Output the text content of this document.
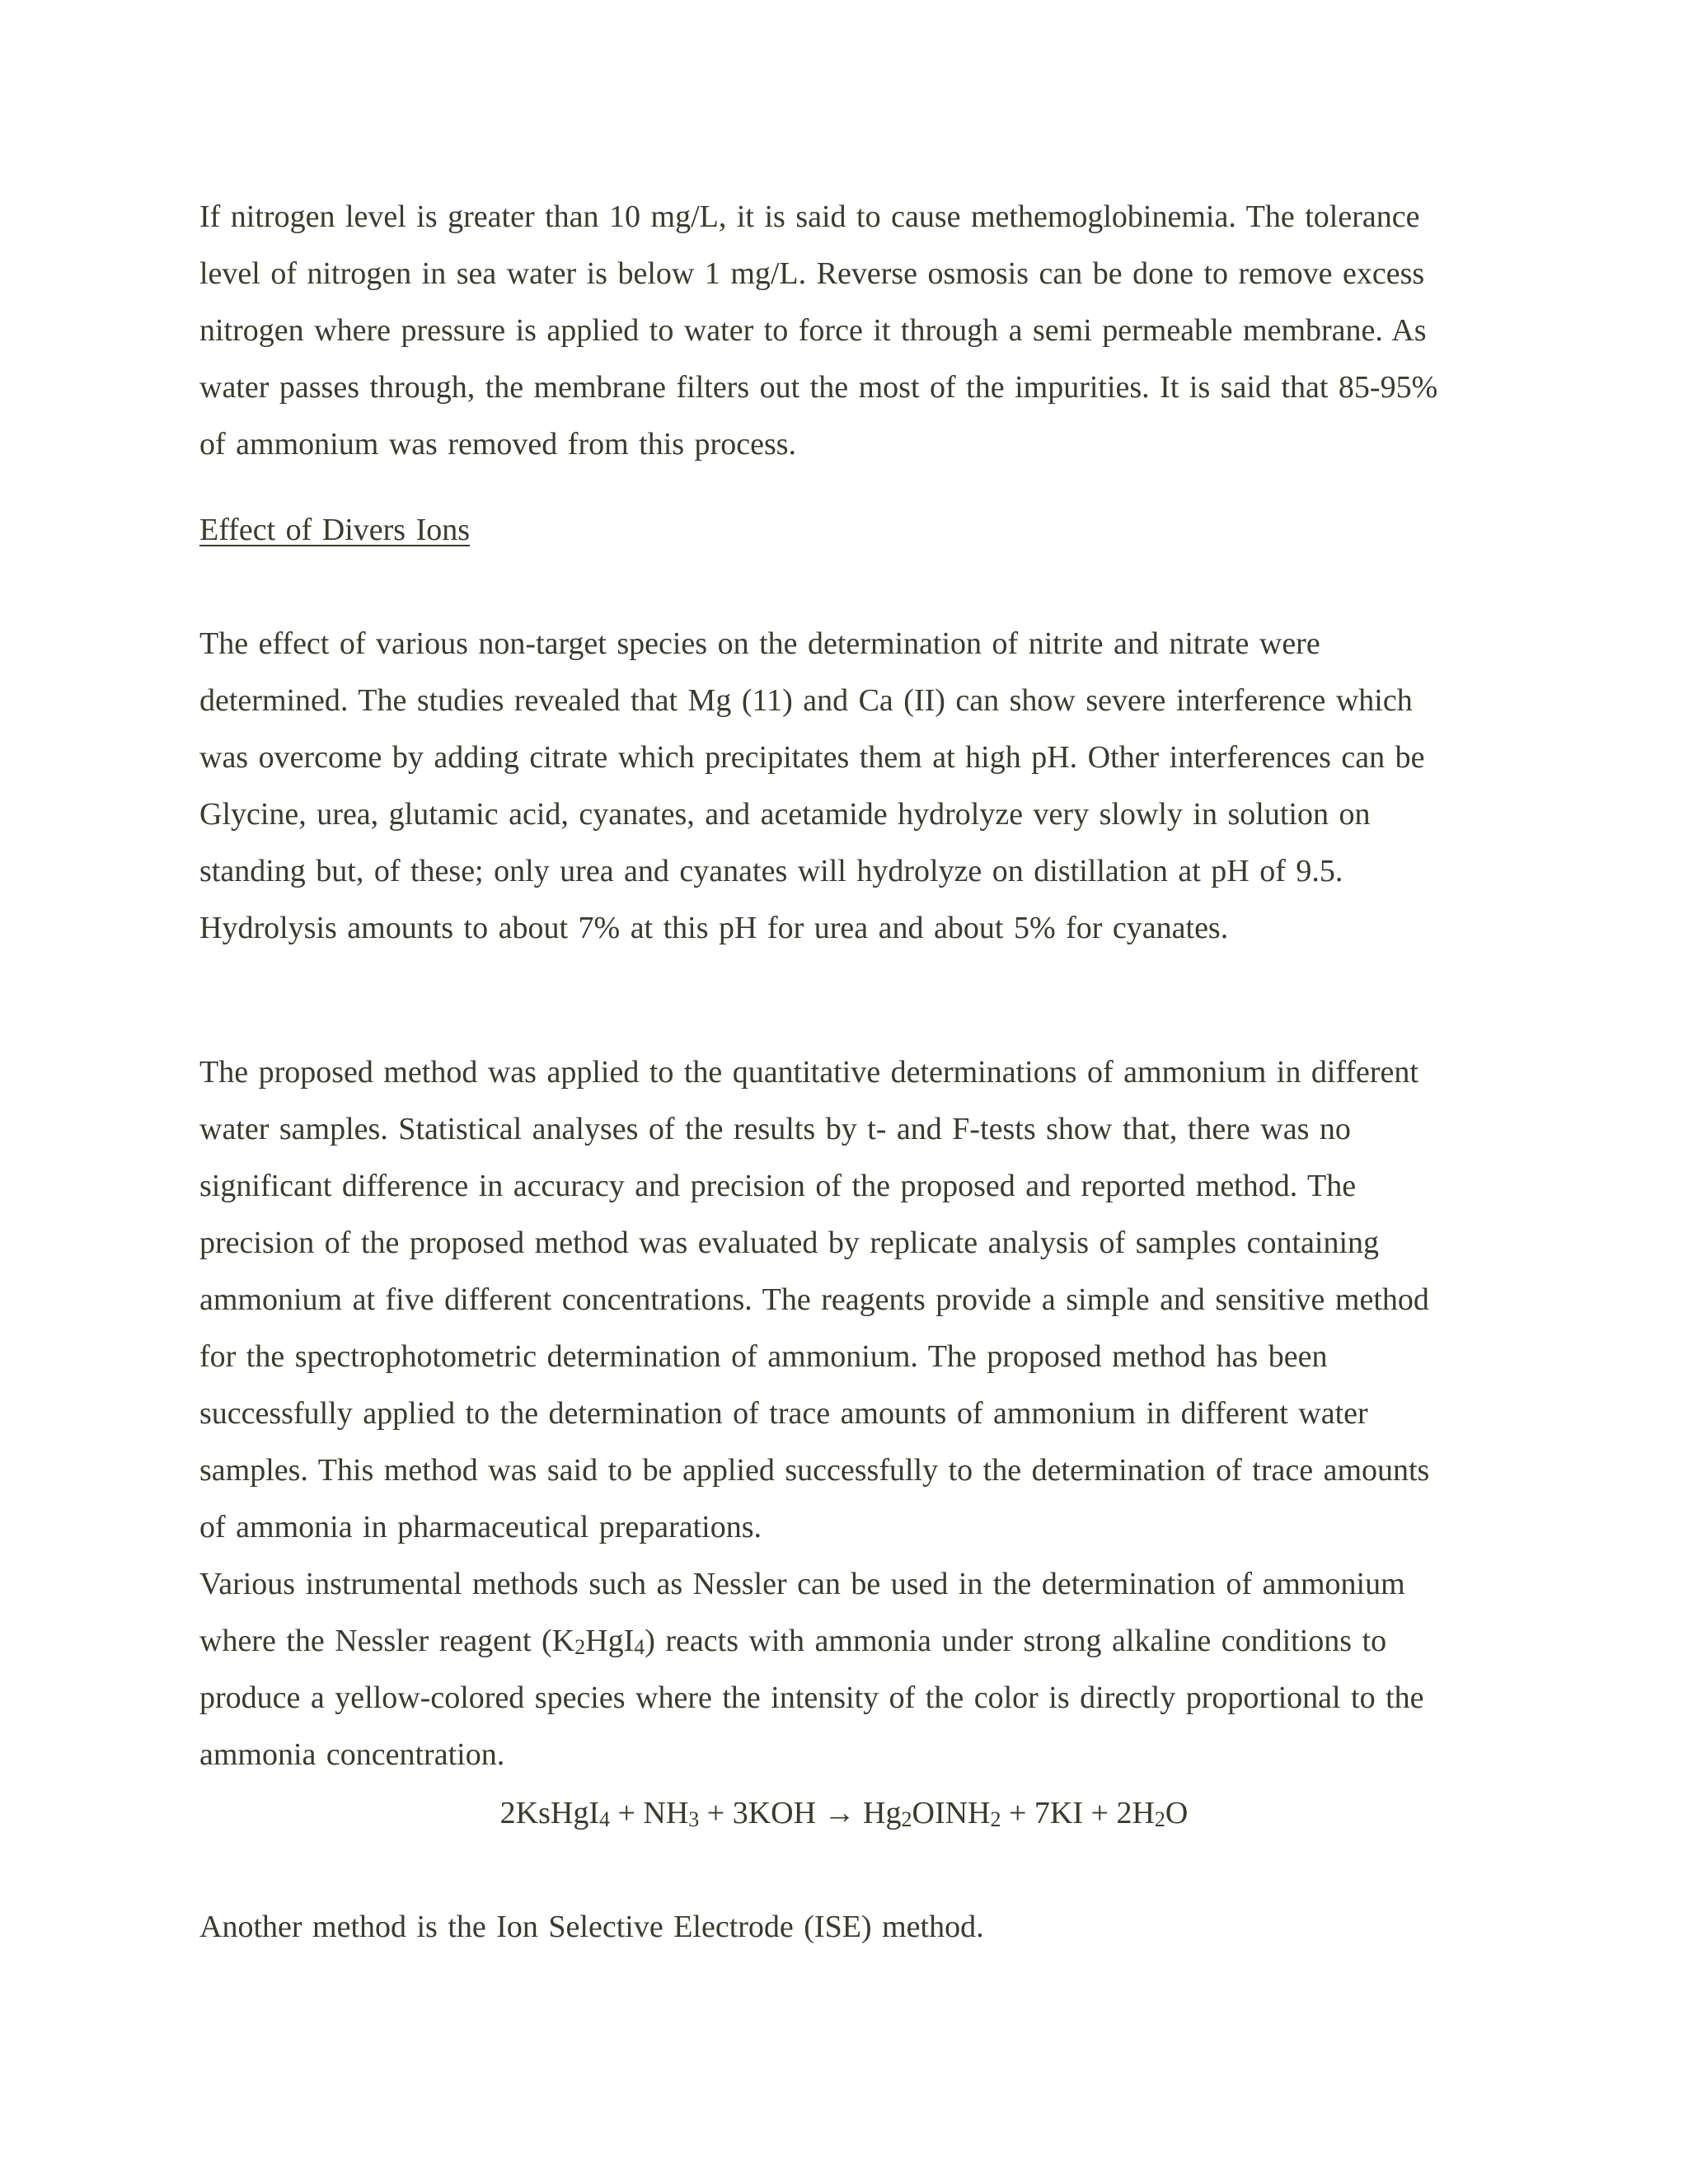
If nitrogen level is greater than 10 mg/L, it is said to cause methemoglobinemia. The tolerance
level of nitrogen in sea water is below 1 mg/L. Reverse osmosis can be done to remove excess
nitrogen where pressure is applied to water to force it through a semi permeable membrane. As
water passes through, the membrane filters out the most of the impurities. It is said that 85-95%
of ammonium was removed from this process.

Effect of Divers Ions

The effect of various non-target species on the determination of nitrite and nitrate were
determined. The studies revealed that Mg (11) and Ca (II) can show severe interference which
was overcome by adding citrate which precipitates them at high pH. Other interferences can be
Glycine, urea, glutamic acid, cyanates, and acetamide hydrolyze very slowly in solution on
standing but, of these; only urea and cyanates will hydrolyze on distillation at pH of 9.5.
Hydrolysis amounts to about 7% at this pH for urea and about 5% for cyanates.

The proposed method was applied to the quantitative determinations of ammonium in different
water samples. Statistical analyses of the results by t- and F-tests show that, there was no
significant difference in accuracy and precision of the proposed and reported method. The
precision of the proposed method was evaluated by replicate analysis of samples containing
ammonium at five different concentrations. The reagents provide a simple and sensitive method
for the spectrophotometric determination of ammonium. The proposed method has been
successfully applied to the determination of trace amounts of ammonium in different water
samples. This method was said to be applied successfully to the determination of trace amounts
of ammonia in pharmaceutical preparations.
Various instrumental methods such as Nessler can be used in the determination of ammonium
where the Nessler reagent $(K_2HgI_4)$ reacts with ammonia under strong alkaline conditions to
produce a yellow-colored species where the intensity of the color is directly proportional to the
ammonia concentration.

2KsHgI$_4$ + $NH_3 + 3KOH$ → $Hg_2OINH_2 + 7KI + 2H_2O$

Another method is the Ion Selective Electrode (ISE) method.
